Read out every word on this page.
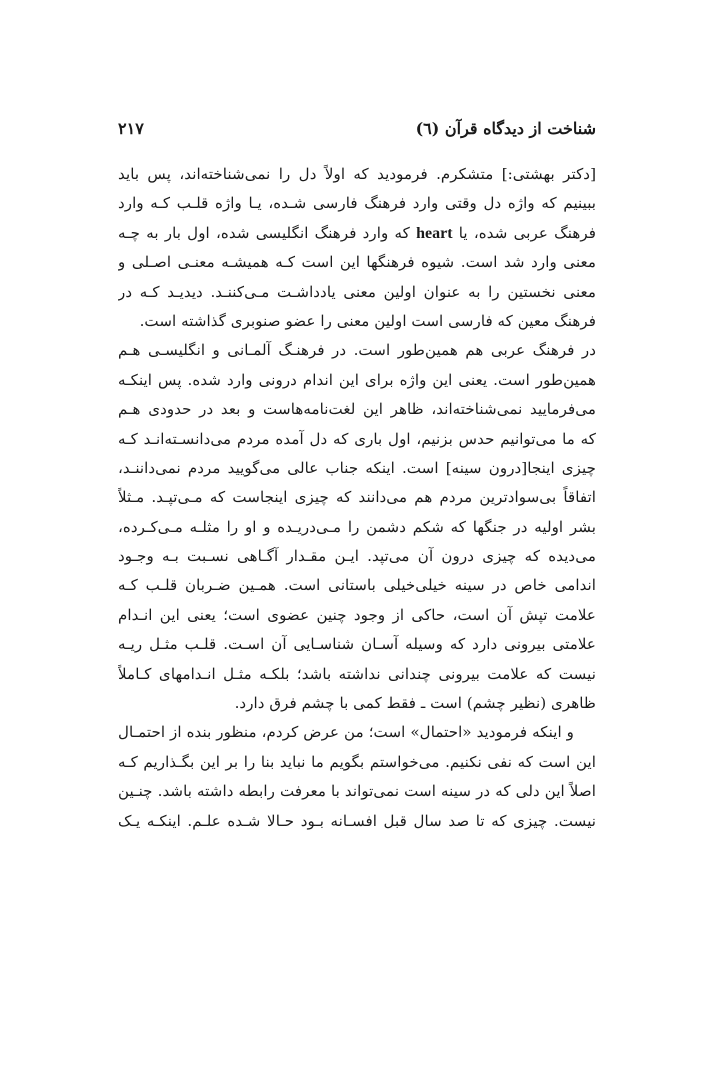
۲۱۷	شناخت از دیدگاه قرآن (٦)
[دکتر بهشتی:] متشکرم. فرمودید که اولاً دل را نمی‌شناخته‌اند، پس باید
ببینیم که واژه دل وقتی وارد فرهنگ فارسی شـده، یـا واژه قلـب کـه وارد
فرهنگ عربی شده، یا heart که وارد فرهنگ انگلیسی شده، اول بار به چـه
معنی وارد شد است. شیوه فرهنگها این است کـه همیشـه معنـی اصـلی و
معنی نخستین را به عنوان اولین معنی یادداشـت مـی‌کننـد. دیدیـد کـه در
فرهنگ معین که فارسی است اولین معنی را عضو صنوبری گذاشته است.
در فرهنگ عربی هم همین‌طور است. در فرهنـگ آلمـانی و انگلیسـی هـم
همین‌طور است. یعنی این واژه برای این اندام درونی وارد شده. پس اینکـه
می‌فرمایید نمی‌شناخته‌اند، ظاهر این لغت‌نامه‌هاست و بعد در حدودی هـم
که ما می‌توانیم حدس بزنیم، اول باری که دل آمده مردم می‌دانسـته‌انـد کـه
چیزی اینجا[درون سینه] است. اینکه جناب عالی می‌گویید مردم نمی‌داننـد،
اتفاقاً بی‌سوادترین مردم هم می‌دانند که چیزی اینجاست که مـی‌تپـد. مـثلاً
بشر اولیه در جنگها که شکم دشمن را مـی‌دریـده و او را مثلـه مـی‌کـرده،
می‌دیده که چیزی درون آن می‌تپد. ایـن مقـدار آگـاهی نسـبت بـه وجـود
اندامی خاص در سینه خیلی‌خیلی باستانی است. همـین ضـربان قلـب کـه
علامت تپش آن است، حاکی از وجود چنین عضوی است؛ یعنی این انـدام
علامتی بیرونی دارد که وسیله آسـان شناسـایی آن اسـت. قلـب مثـل ریـه
نیست که علامت بیرونی چندانی نداشته باشد؛ بلکـه مثـل انـدامهای کـاملاً
ظاهری (نظیر چشم) است ـ فقط کمی با چشم فرق دارد.
و اینکه فرمودید «احتمال» است؛ من عرض کردم، منظور بنده از احتمـال
این است که نفی نکنیم. می‌خواستم بگویم ما نباید بنا را بر این بگـذاریم کـه
اصلاً این دلی که در سینه است نمی‌تواند با معرفت رابطه داشته باشد. چنـین
نیست. چیزی که تا صد سال قبل افسـانه بـود حـالا شـده علـم. اینکـه یـک
